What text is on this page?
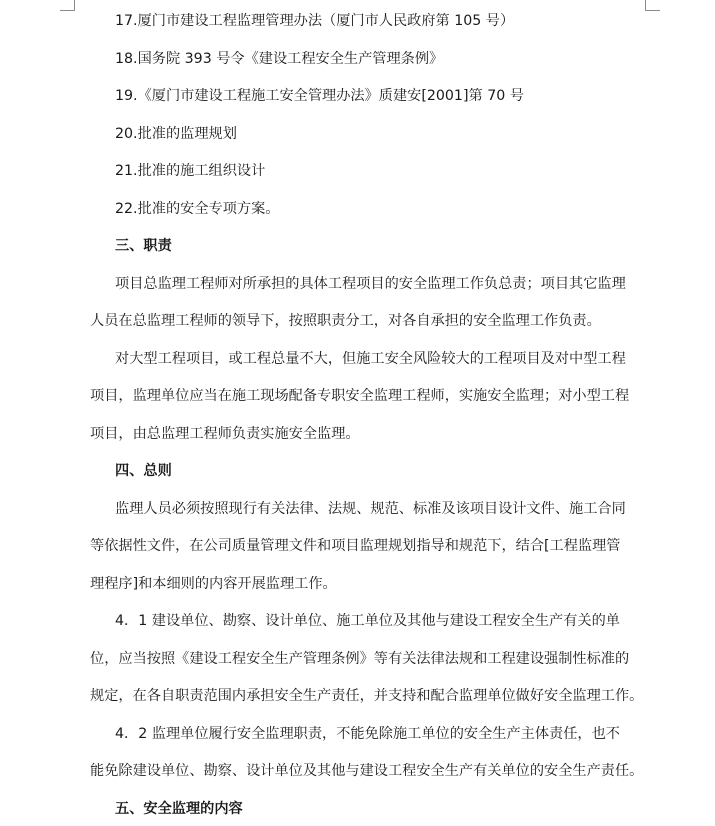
17.厦门市建设工程监理管理办法（厦门市人民政府第 105 号）
18.国务院 393 号令《建设工程安全生产管理条例》
19.《厦门市建设工程施工安全管理办法》质建安[2001]第 70 号
20.批准的监理规划
21.批准的施工组织设计
22.批准的安全专项方案。
三、职责
项目总监理工程师对所承担的具体工程项目的安全监理工作负总责；项目其它监理
人员在总监理工程师的领导下，按照职责分工，对各自承担的安全监理工作负责。
对大型工程项目，或工程总量不大，但施工安全风险较大的工程项目及对中型工程
项目，监理单位应当在施工现场配备专职安全监理工程师，实施安全监理；对小型工程
项目，由总监理工程师负责实施安全监理。
四、总则
监理人员必须按照现行有关法律、法规、规范、标准及该项目设计文件、施工合同
等依据性文件，在公司质量管理文件和项目监理规划指导和规范下，结合[工程监理管
理程序]和本细则的内容开展监理工作。
4．1 建设单位、勘察、设计单位、施工单位及其他与建设工程安全生产有关的单
位，应当按照《建设工程安全生产管理条例》等有关法律法规和工程建设强制性标准的
规定，在各自职责范围内承担安全生产责任，并支持和配合监理单位做好安全监理工作。
4．2 监理单位履行安全监理职责，不能免除施工单位的安全生产主体责任，也不
能免除建设单位、勘察、设计单位及其他与建设工程安全生产有关单位的安全生产责任。
五、安全监理的内容
